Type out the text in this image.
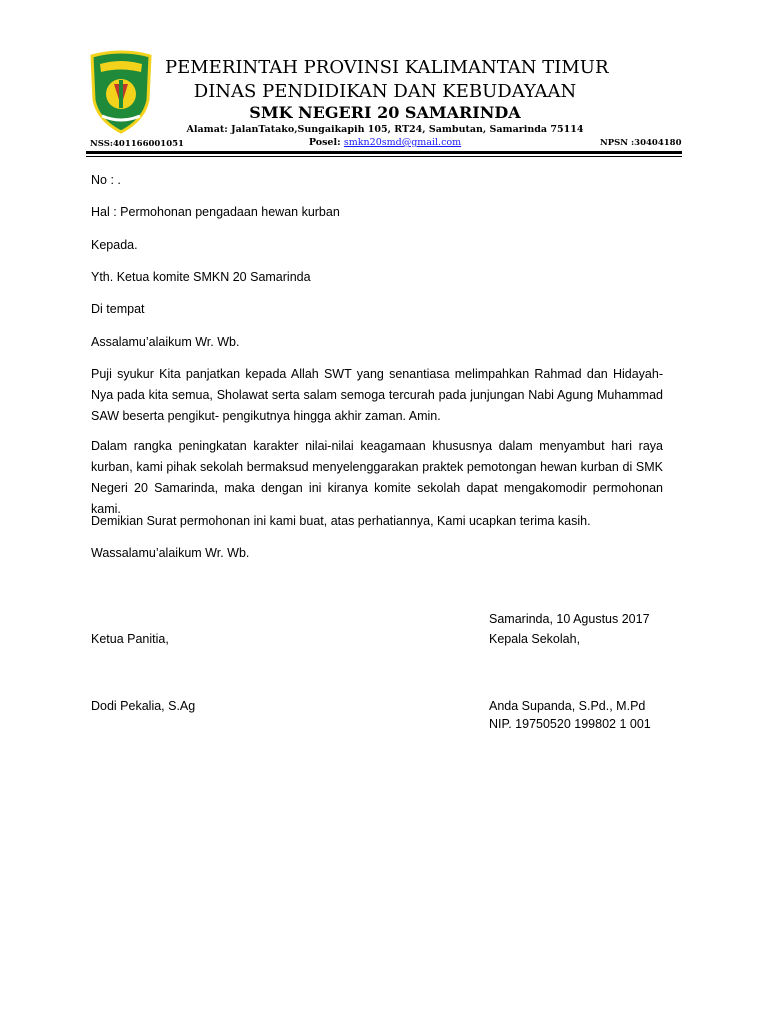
PEMERINTAH PROVINSI KALIMANTAN TIMUR
DINAS PENDIDIKAN DAN KEBUDAYAAN
SMK NEGERI 20 SAMARINDA
Alamat: JalanTatako,Sungaikapih 105, RT24, Sambutan, Samarinda 75114
Posel: smkn20smd@gmail.com
NSS:401166001051	NPSN :30404180
No : .
Hal : Permohonan pengadaan hewan kurban
Kepada.
Yth. Ketua komite SMKN 20 Samarinda
Di tempat
Assalamu’alaikum Wr. Wb.
Puji syukur Kita panjatkan kepada Allah SWT yang senantiasa melimpahkan Rahmad dan Hidayah-Nya pada kita semua, Sholawat serta salam semoga tercurah pada junjungan Nabi Agung Muhammad SAW beserta pengikut- pengikutnya hingga akhir zaman. Amin.
Dalam rangka peningkatan karakter nilai-nilai keagamaan khususnya dalam menyambut hari raya kurban, kami pihak sekolah bermaksud menyelenggarakan praktek pemotongan hewan kurban di SMK Negeri 20 Samarinda, maka dengan ini kiranya komite sekolah dapat mengakomodir permohonan kami.
Demikian Surat permohonan ini kami buat, atas perhatiannya, Kami ucapkan terima kasih.
Wassalamu’alaikum Wr. Wb.
Samarinda, 10 Agustus 2017
Ketua Panitia,	Kepala Sekolah,
Dodi Pekalia, S.Ag	Anda Supanda, S.Pd., M.Pd
NIP. 19750520 199802 1 001
